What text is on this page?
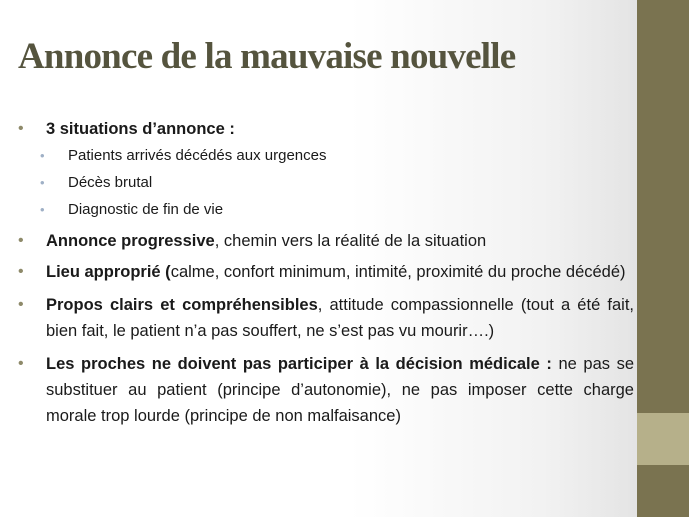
Annonce de la mauvaise nouvelle

• 3 situations d’annonce :

• Patients arrivés décédés aux urgences

• Décès brutal

• Diagnostic de fin de vie

• Annonce progressive, chemin vers la réalité de la situation

• Lieu approprié (calme, confort minimum, intimité, proximité du proche décédé)

• Propos clairs et compréhensibles, attitude compassionnelle (tout a été fait, bien fait, le patient n’a pas souffert, ne s’est pas vu mourir….)

• Les proches ne doivent pas participer à la décision médicale : ne pas se substituer au patient (principe d’autonomie), ne pas imposer cette charge morale trop lourde (principe de non malfaisance)
